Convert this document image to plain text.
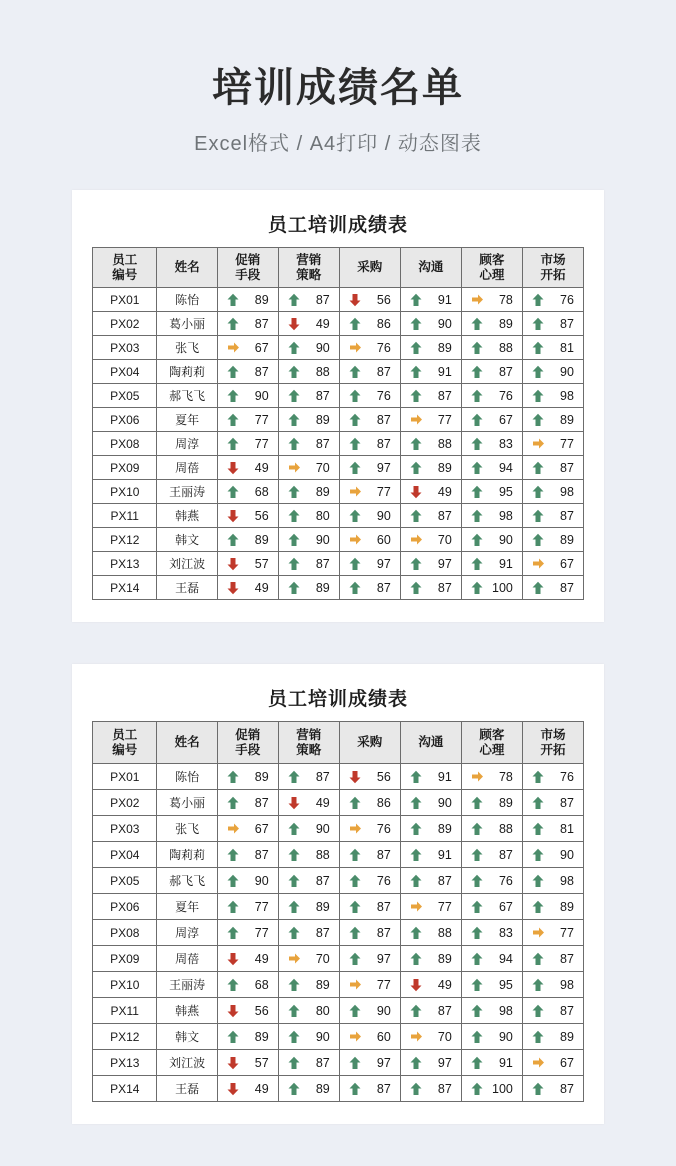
培训成绩名单
Excel格式 / A4打印 / 动态图表
员工培训成绩表
员工
编号

姓名

促销
手段

营销
策略

采购	沟通

顾客
心理

市场
开拓

PX01	陈怡	89	87	56	91	78	76

PX02	葛小丽	87	49	86	90	89	87

PX03	张飞	67	90	76	89	88	81

PX04	陶莉莉	87	88	87	91	87	90

PX05	郝飞飞	90	87	76	87	76	98

PX06	夏年	77	89	87	77	67	89

PX08	周淳	77	87	87	88	83	77

PX09	周蓓	49	70	97	89	94	87

PX10	王丽涛	68	89	77	49	95	98

PX11	韩燕	56	80	90	87	98	87

PX12	韩文	89	90	60	70	90	89

PX13	刘江波	57	87	97	97	91	67

PX14	王磊	49	89	87	87	100	87
员工培训成绩表
员工
编号

姓名

促销
手段

营销
策略

采购	沟通

顾客
心理

市场
开拓

PX01	陈怡	89	87	56	91	78	76

PX02	葛小丽	87	49	86	90	89	87

PX03	张飞	67	90	76	89	88	81

PX04	陶莉莉	87	88	87	91	87	90

PX05	郝飞飞	90	87	76	87	76	98

PX06	夏年	77	89	87	77	67	89

PX08	周淳	77	87	87	88	83	77

PX09	周蓓	49	70	97	89	94	87

PX10	王丽涛	68	89	77	49	95	98

PX11	韩燕	56	80	90	87	98	87

PX12	韩文	89	90	60	70	90	89

PX13	刘江波	57	87	97	97	91	67

PX14	王磊	49	89	87	87	100	87
